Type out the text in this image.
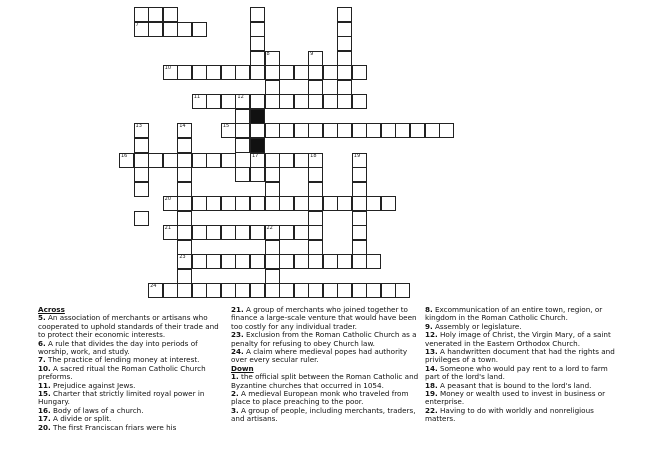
7
8	9
10
11	12
13	14	15
16	17	18	19
20
21	22
23
24
Across
5. An association of merchants or artisans who cooperated to uphold standards of their trade and to protect their economic interests.
6. A rule that divides the day into periods of worship, work, and study.
7. The practice of lending money at interest.
10. A sacred ritual the Roman Catholic Church preforms.
11. Prejudice against Jews.
15. Charter that strictly limited royal power in Hungary.
16. Body of laws of a church.
17. A divide or split.
20. The first Franciscan friars were his
21. A group of merchants who joined together to finance a large-scale venture that would have been too costly for any individual trader.
23. Exclusion from the Roman Catholic Church as a penalty for refusing to obey Church law.
24. A claim where medieval popes had authority over every secular ruler.
Down
1. the official split between the Roman Catholic and Byzantine churches that occurred in 1054.
2. A medieval European monk who traveled from place to place preaching to the poor.
3. A group of people, including merchants, traders, and artisans.
8. Excommunication of an entire town, region, or kingdom in the Roman Catholic Church.
9. Assembly or legislature.
12. Holy image of Christ, the Virgin Mary, of a saint venerated in the Eastern Orthodox Church.
13. A handwritten document that had the rights and privileges of a town.
14. Someone who would pay rent to a lord to farm part of the lord's land.
18. A peasant that is bound to the lord's land.
19. Money or wealth used to invest in business or enterprise.
22. Having to do with worldly and nonreligious matters.
